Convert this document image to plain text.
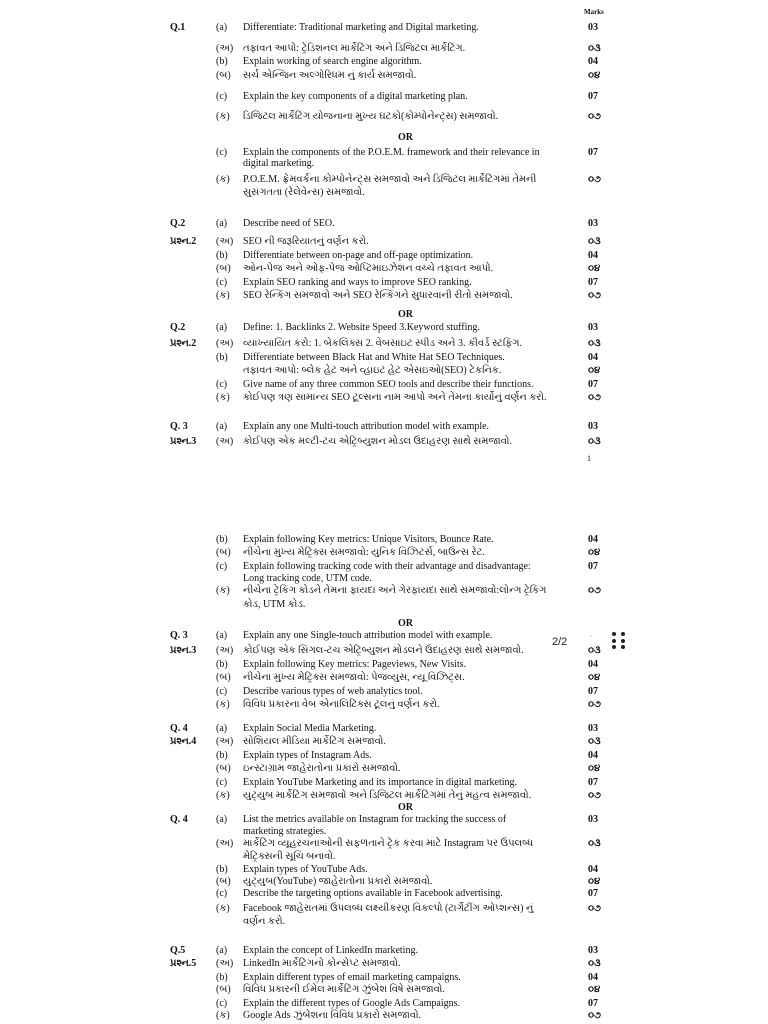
Marks
1
Q.1	(a) Differentiate: Traditional marketing and Digital marketing.	03
(અ) તફાવત આપો: ટ્રેડિશનલ માર્કેટિંગ અને ડિજિટલ માર્કેટિંગ.	૦૩
(b) Explain working of search engine algorithm.	04
(બ) સર્ચ એન્જિન અલ્ગોરિધમ નું કાર્ય સમજાવો.	૦૪
(c) Explain the key components of a digital marketing plan.	07
(ક) ડિજિટલ માર્કેટિંગ યોજનાના મુખ્ય ઘટકો(કોમ્પોનેન્ટ્સ) સમજાવો.	૦૭
OR
(c) Explain the components of the P.O.E.M. framework and their relevance in	07
digital marketing.
(ક) P.O.E.M. ફ્રેમવર્કના કોમ્પોનેન્ટ્સ સમજાવો અને ડિજિટલ માર્કેટિંગમાં તેમની	૦૭
સુસંગતતા (રેલેવેન્સ) સમજાવો.
Q.2	(a) Describe need of SEO.	03
પ્રશ્ન.2 (અ) SEO ની જરૂરિયાતનું વર્ણન કરો.	૦૩
(b) Differentiate between on-page and off-page optimization.	04
(બ) ઓન-પેજ અને ઓફ-પેજ ઓપ્ટિમાઇઝેશન વચ્ચે તફાવત આપો.	૦૪
(c) Explain SEO ranking and ways to improve SEO ranking.	07
(ક) SEO રેન્કિંગ સમજાવો અને SEO રેન્કિંગને સુધારવાની રીતો સમજાવો.	૦૭
OR
Q.2	(a) Define: 1. Backlinks 2. Website Speed 3.Keyword stuffing.	03
પ્રશ્ન.2 (અ) વ્યાખ્યાયિત કરો: 1. બેકલિંક્સ 2. વેબસાઇટ સ્પીડ અને 3. કીવર્ડ સ્ટફિંગ.	૦૩
(b) Differentiate between Black Hat and White Hat SEO Techniques.	04
તફાવત આપો: બ્લેક હેટ અને વ્હાઇટ હેટ એસઇઓ(SEO) ટેકનિક.	૦૪
(c) Give name of any three common SEO tools and describe their functions.	07
(ક) કોઈપણ ત્રણ સામાન્ય SEO ટૂલ્સના નામ આપો અને તેમના કાર્યોનું વર્ણન કરો.	૦૭
Q. 3	(a) Explain any one Multi-touch attribution model with example.	03
પ્રશ્ન.3 (અ) કોઈપણ એક મલ્ટી-ટચ એટ્રિબ્યુશન મોડલ ઉદાહરણ સાથે સમજાવો.	૦૩
(b) Explain following Key metrics: Unique Visitors, Bounce Rate.	04
(બ) નીચેના મુખ્ય મેટ્રિક્સ સમજાવો: યુનિક વિઝિટર્સ, બાઉન્સ રેટ.	૦૪
(c) Explain following tracking code with their advantage and disadvantage:	07
Long tracking code, UTM code.
(ક) નીચેના ટ્રેકિંગ કોડને તેમના ફાયદા અને ગેરફાયદા સાથે સમજાવો:લોન્ગ ટ્રેકિંગ	૦૭
કોડ, UTM કોડ.
OR
Q. 3	(a) Explain any one Single-touch attribution model with example.
પ્રશ્ન.3 (અ) કોઈપણ એક સિંગલ-ટચ એટ્રિબ્યુશન મોડલને ઉદાહરણ સાથે સમજાવો.	૦૩
(b) Explain following Key metrics: Pageviews, New Visits.	04
(બ) નીચેના મુખ્ય મેટ્રિક્સ સમજાવો: પેજવ્યુસ, ન્યૂ વિઝિટ્સ.	૦૪
(c) Describe various types of web analytics tool.	07
(ક) વિવિધ પ્રકારના વેબ એનાલિટિક્સ ટૂલનું વર્ણન કરો.	૦૭
Q. 4	(a) Explain Social Media Marketing.	03
પ્રશ્ન.4 (અ) સોશિયલ મીડિયા માર્કેટિંગ સમજાવો.	૦૩
(b) Explain types of Instagram Ads.	04
(બ) ઇન્સ્ટાગ્રામ જાહેરાતોના પ્રકારો સમજાવો.	૦૪
(c) Explain YouTube Marketing and its importance in digital marketing.	07
(ક) યુટ્યુબ માર્કેટિંગ સમજાવો અને ડિજિટલ માર્કેટિંગમાં તેનું મહત્વ સમજાવો.	૦૭
OR
Q. 4	(a) List the metrics available on Instagram for tracking the success of	03
marketing strategies.
(અ) માર્કેટિંગ વ્યૂહરચનાઓની સફળતાને ટ્રેક કરવા માટે Instagram પર ઉપલબ્ધ	૦૩
મેટ્રિક્સની સૂચિ બનાવો.
(b) Explain types of YouTube Ads.	04
(બ) યુટ્યુબ(YouTube) જાહેરાતોના પ્રકારો સમજાવો.	૦૪
(c) Describe the targeting options available in Facebook advertising.	07
(ક) Facebook જાહેરાતમાં ઉપલબ્ધ લક્ષ્યીકરણ વિકલ્પો (ટાર્ગેટીંગ ઓપ્શન્સ) નું	૦૭
વર્ણન કરો.
Q.5	(a) Explain the concept of LinkedIn marketing.	03
પ્રશ્ન.5 (અ) LinkedIn માર્કેટિંગનો કોન્સેપ્ટ સમજાવો.	૦૩
(b) Explain different types of email marketing campaigns.	04
(બ) વિવિધ પ્રકારની ઈમેલ માર્કેટિંગ ઝુંબેશ વિષે સમજાવો.	૦૪
(c) Explain the different types of Google Ads Campaigns.	07
(ક) Google Ads ઝુંબેશના વિવિધ પ્રકારો સમજાવો.	૦૭
,
2/2
